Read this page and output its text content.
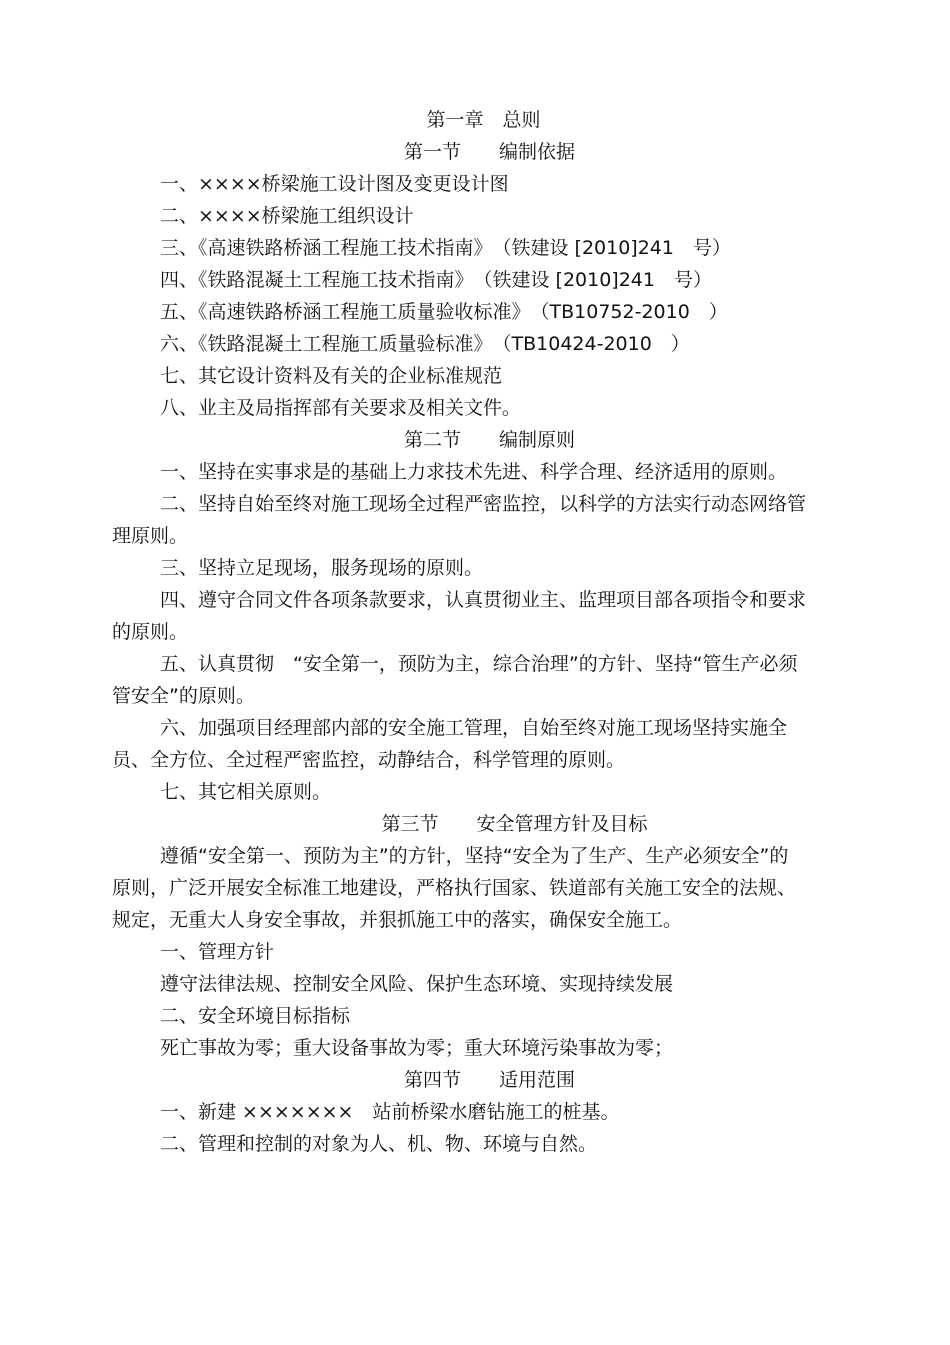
第一章　总则

第一节　　编制依据

一、××××桥梁施工设计图及变更设计图

二、××××桥梁施工组织设计

三、《高速铁路桥涵工程施工技术指南》　（铁建设 [2010]241　号）

四、《铁路混凝土工程施工技术指南》　（铁建设 [2010]241　号）

五、《高速铁路桥涵工程施工质量验收标准》　（TB10752-2010　）

六、《铁路混凝土工程施工质量验标准》　（TB10424-2010　）

七、其它设计资料及有关的企业标准规范

八、业主及局指挥部有关要求及相关文件。

第二节　　编制原则

一、坚持在实事求是的基础上力求技术先进、科学合理、经济适用的原则。

二、坚持自始至终对施工现场全过程严密监控，以科学的方法实行动态网络管理原则。

三、坚持立足现场，服务现场的原则。

四、遵守合同文件各项条款要求，认真贯彻业主、监理项目部各项指令和要求的原则。

五、认真贯彻　“安全第一，预防为主，综合治理”的方针、坚持“管生产必须管安全”的原则。

六、加强项目经理部内部的安全施工管理，自始至终对施工现场坚持实施全员、全方位、全过程严密监控，动静结合，科学管理的原则。

七、其它相关原则。

第三节　　安全管理方针及目标

遵循“安全第一、预防为主”的方针，坚持“安全为了生产、生产必须安全”的原则，广泛开展安全标准工地建设，严格执行国家、铁道部有关施工安全的法规、规定，无重大人身安全事故，并狠抓施工中的落实，确保安全施工。

一、管理方针

遵守法律法规、控制安全风险、保护生态环境、实现持续发展

二、安全环境目标指标

死亡事故为零；重大设备事故为零；重大环境污染事故为零；

第四节　　适用范围

一、新建 ×××××××　站前桥梁水磨钻施工的桩基。

二、管理和控制的对象为人、机、物、环境与自然。
